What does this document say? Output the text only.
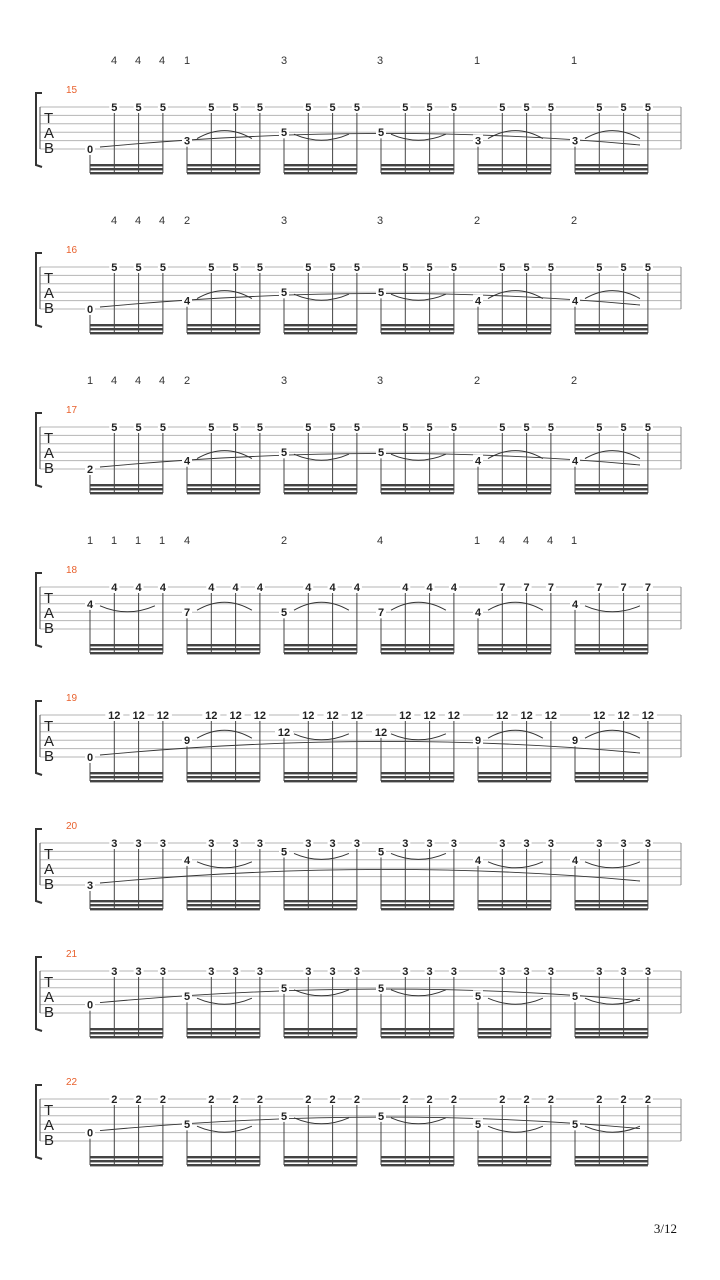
15
T
A
B
4 4 4 1	3	3	1	1
0
5 5 5
3
5 5 5
5
5 5 5
5
5 5 5
3
5 5 5
3
5 5 5
16
T
A
B
4 4 4 2	3	3	2	2
0
5 5 5
4
5 5 5
5
5 5 5
5
5 5 5
4
5 5 5
4
5 5 5
17
T
A
B
1 4 4 4 2	3	3	2	2
2
5 5 5
4
5 5 5
5
5 5 5
5
5 5 5
4
5 5 5
4
5 5 5
18
T
A
B
1 1 1 1 4	2	4	1 4 4 4 1
4
4 4 4
7
4 4 4
5
4 4 4
7
4 4 4
4
7 7 7
4
7 7 7
19
T
A
B	0
12 12 12
9
12 12 12
12
12 12 12
12
12 12 12
9
12 12 12
9
12 12 12
20
T
A
B	3
3 3 3
4
3 3 3
5
3 3 3
5
3 3 3
4
3 3 3
4
3 3 3
21
T
A
B	0
3 3 3
5
3 3 3
5
3 3 3
5
3 3 3
5
3 3 3
5
3 3 3
22
T
A
B	0
2 2 2
5
2 2 2
5
2 2 2
5
2 2 2
5
2 2 2
5
2 2 2
3/12
